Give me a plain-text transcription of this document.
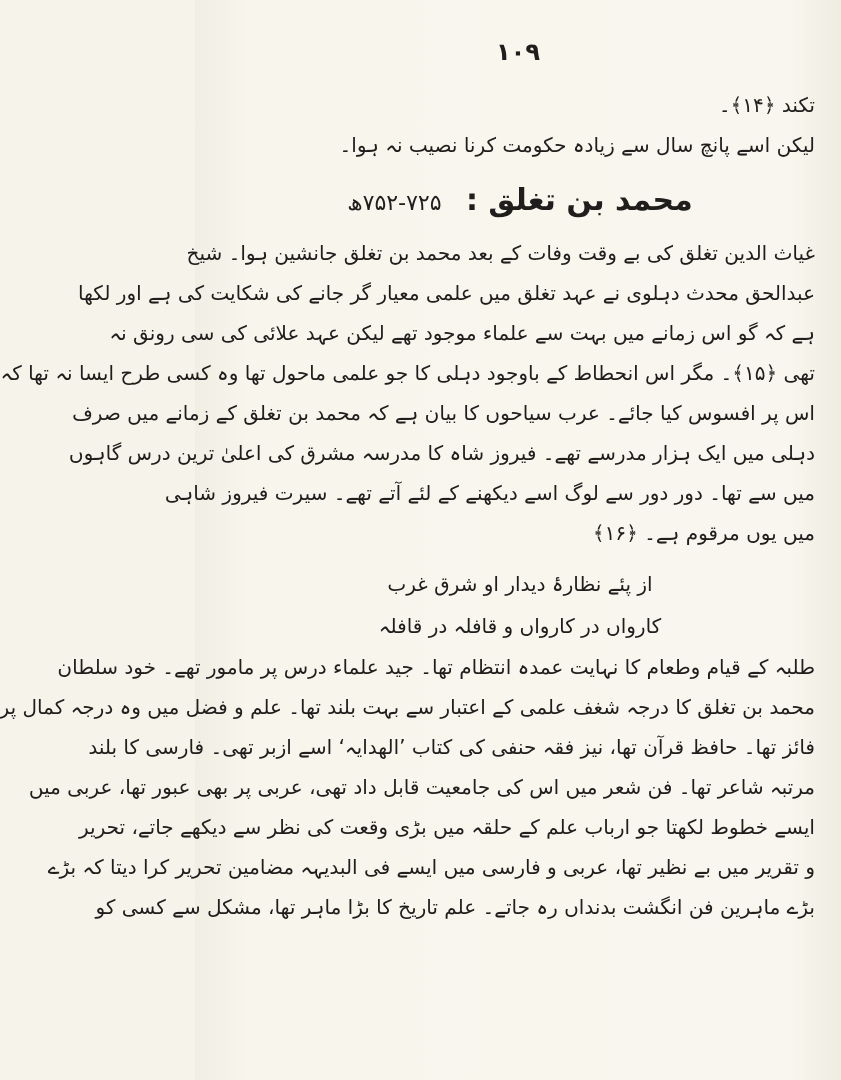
١٠٩
تکند ﴿۱۴﴾۔
لیکن اسے پانچ سال سے زیادہ حکومت کرنا نصیب نہ ہوا۔
محمد بن تغلق : ۷۲۵-۷۵۲ھ
غیاث الدین تغلق کی بے وقت وفات کے بعد محمد بن تغلق جانشین ہوا۔ شیخ
عبدالحق محدث دہلوی نے عہد تغلق میں علمی معیار گر جانے کی شکایت کی ہے اور لکھا
ہے کہ گو اس زمانے میں بہت سے علماء موجود تھے لیکن عہد علائی کی سی رونق نہ
تھی ﴿۱۵﴾۔ مگر اس انحطاط کے باوجود دہلی کا جو علمی ماحول تھا وہ کسی طرح ایسا نہ تھا کہ
اس پر افسوس کیا جائے۔ عرب سیاحوں کا بیان ہے کہ محمد بن تغلق کے زمانے میں صرف
دہلی میں ایک ہزار مدرسے تھے۔ فیروز شاہ کا مدرسہ مشرق کی اعلیٰ ترین درس گاہوں
میں سے تھا۔ دور دور سے لوگ اسے دیکھنے کے لئے آتے تھے۔ سیرت فیروز شاہی
میں یوں مرقوم ہے۔ ﴿۱۶﴾
از پئے نظارۂ دیدار او شرق غرب
کارواں در کارواں و قافلہ در قافلہ
طلبہ کے قیام وطعام کا نہایت عمدہ انتظام تھا۔ جید علماء درس پر مامور تھے۔ خود سلطان
محمد بن تغلق کا درجہ شغف علمی کے اعتبار سے بہت بلند تھا۔ علم و فضل میں وہ درجہ کمال پر
فائز تھا۔ حافظ قرآن تھا، نیز فقہ حنفی کی کتاب ’الھدایہ‘ اسے ازبر تھی۔ فارسی کا بلند
مرتبہ شاعر تھا۔ فن شعر میں اس کی جامعیت قابل داد تھی، عربی پر بھی عبور تھا، عربی میں
ایسے خطوط لکھتا جو ارباب علم کے حلقہ میں بڑی وقعت کی نظر سے دیکھے جاتے، تحریر
و تقریر میں بے نظیر تھا، عربی و فارسی میں ایسے فی البدیہہ مضامین تحریر کرا دیتا کہ بڑے
بڑے ماہرین فن انگشت بدنداں رہ جاتے۔ علم تاریخ کا بڑا ماہر تھا، مشکل سے کسی کو
